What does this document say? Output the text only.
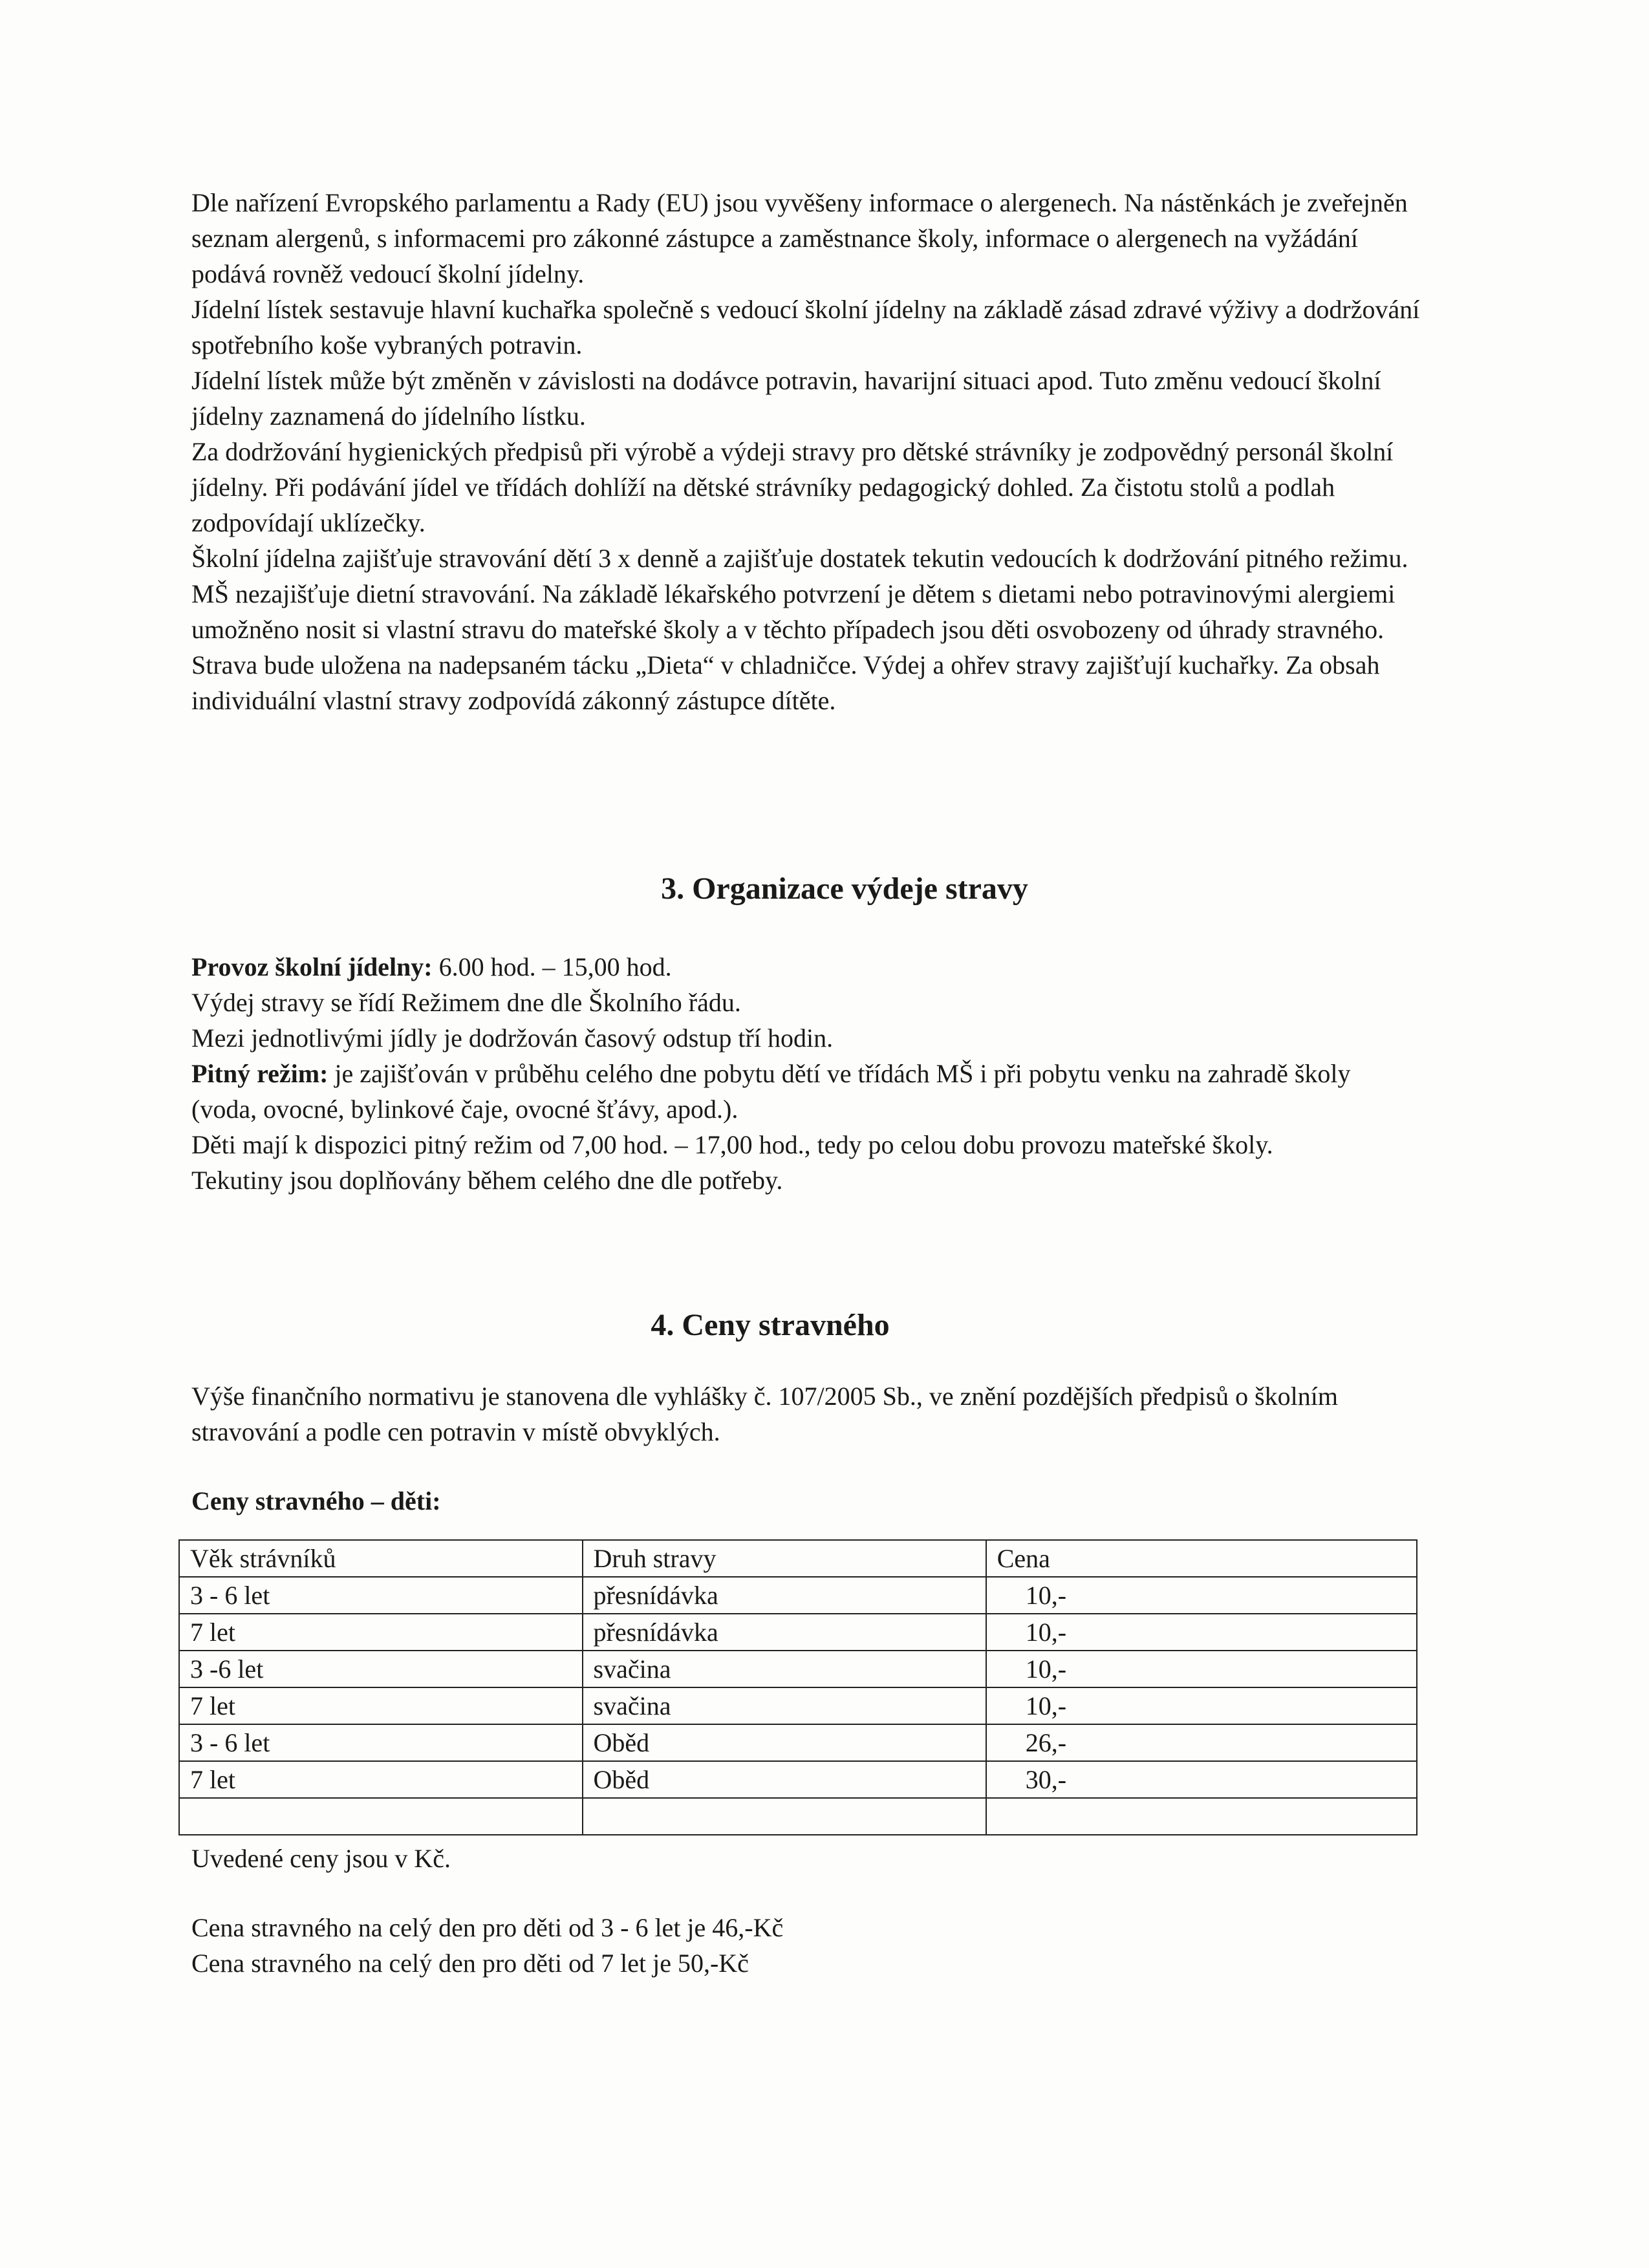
Dle nařízení Evropského parlamentu a Rady (EU) jsou vyvěšeny informace o alergenech. Na nástěnkách je zveřejněn seznam alergenů, s informacemi pro zákonné zástupce a zaměstnance školy, informace o alergenech na vyžádání podává rovněž vedoucí školní jídelny.

Jídelní lístek sestavuje hlavní kuchařka společně s vedoucí školní jídelny na základě zásad zdravé výživy a dodržování spotřebního koše vybraných potravin.

Jídelní lístek může být změněn v závislosti na dodávce potravin, havarijní situaci apod. Tuto změnu vedoucí školní jídelny zaznamená do jídelního lístku.

Za dodržování hygienických předpisů při výrobě a výdeji stravy pro dětské strávníky je zodpovědný personál školní jídelny. Při podávání jídel ve třídách dohlíží na dětské strávníky pedagogický dohled. Za čistotu stolů a podlah zodpovídají uklízečky.

Školní jídelna zajišťuje stravování dětí 3 x denně a zajišťuje dostatek tekutin vedoucích k dodržování pitného režimu.

MŠ nezajišťuje dietní stravování. Na základě lékařského potvrzení je dětem s dietami nebo potravinovými alergiemi umožněno nosit si vlastní stravu do mateřské školy a v těchto případech jsou děti osvobozeny od úhrady stravného. Strava bude uložena na nadepsaném tácku „Dieta“ v chladničce. Výdej a ohřev stravy zajišťují kuchařky. Za obsah individuální vlastní stravy zodpovídá zákonný zástupce dítěte.

3. Organizace výdeje stravy

Provoz školní jídelny: 6.00 hod. – 15,00 hod.

Výdej stravy se řídí Režimem dne dle Školního řádu.

Mezi jednotlivými jídly je dodržován časový odstup tří hodin.

Pitný režim: je zajišťován v průběhu celého dne pobytu dětí ve třídách MŠ i při pobytu venku na zahradě školy (voda, ovocné, bylinkové čaje, ovocné šťávy, apod.).

Děti mají k dispozici pitný režim od 7,00 hod. – 17,00 hod., tedy po celou dobu provozu mateřské školy.

Tekutiny jsou doplňovány během celého dne dle potřeby.

4. Ceny stravného

Výše finančního normativu je stanovena dle vyhlášky č. 107/2005 Sb., ve znění pozdějších předpisů o školním stravování a podle cen potravin v místě obvyklých.

Ceny stravného – děti:

Věk strávníků	Druh stravy	Cena
3 - 6 let	přesnídávka	10,-
7 let	přesnídávka	10,-
3 -6 let	svačina	10,-
7 let	svačina	10,-
3 - 6 let	Oběd	26,-
7 let	Oběd	30,-

Uvedené ceny jsou v Kč.

Cena stravného na celý den pro děti od 3 - 6 let je 46,-Kč

Cena stravného na celý den pro děti od 7 let je 50,-Kč
